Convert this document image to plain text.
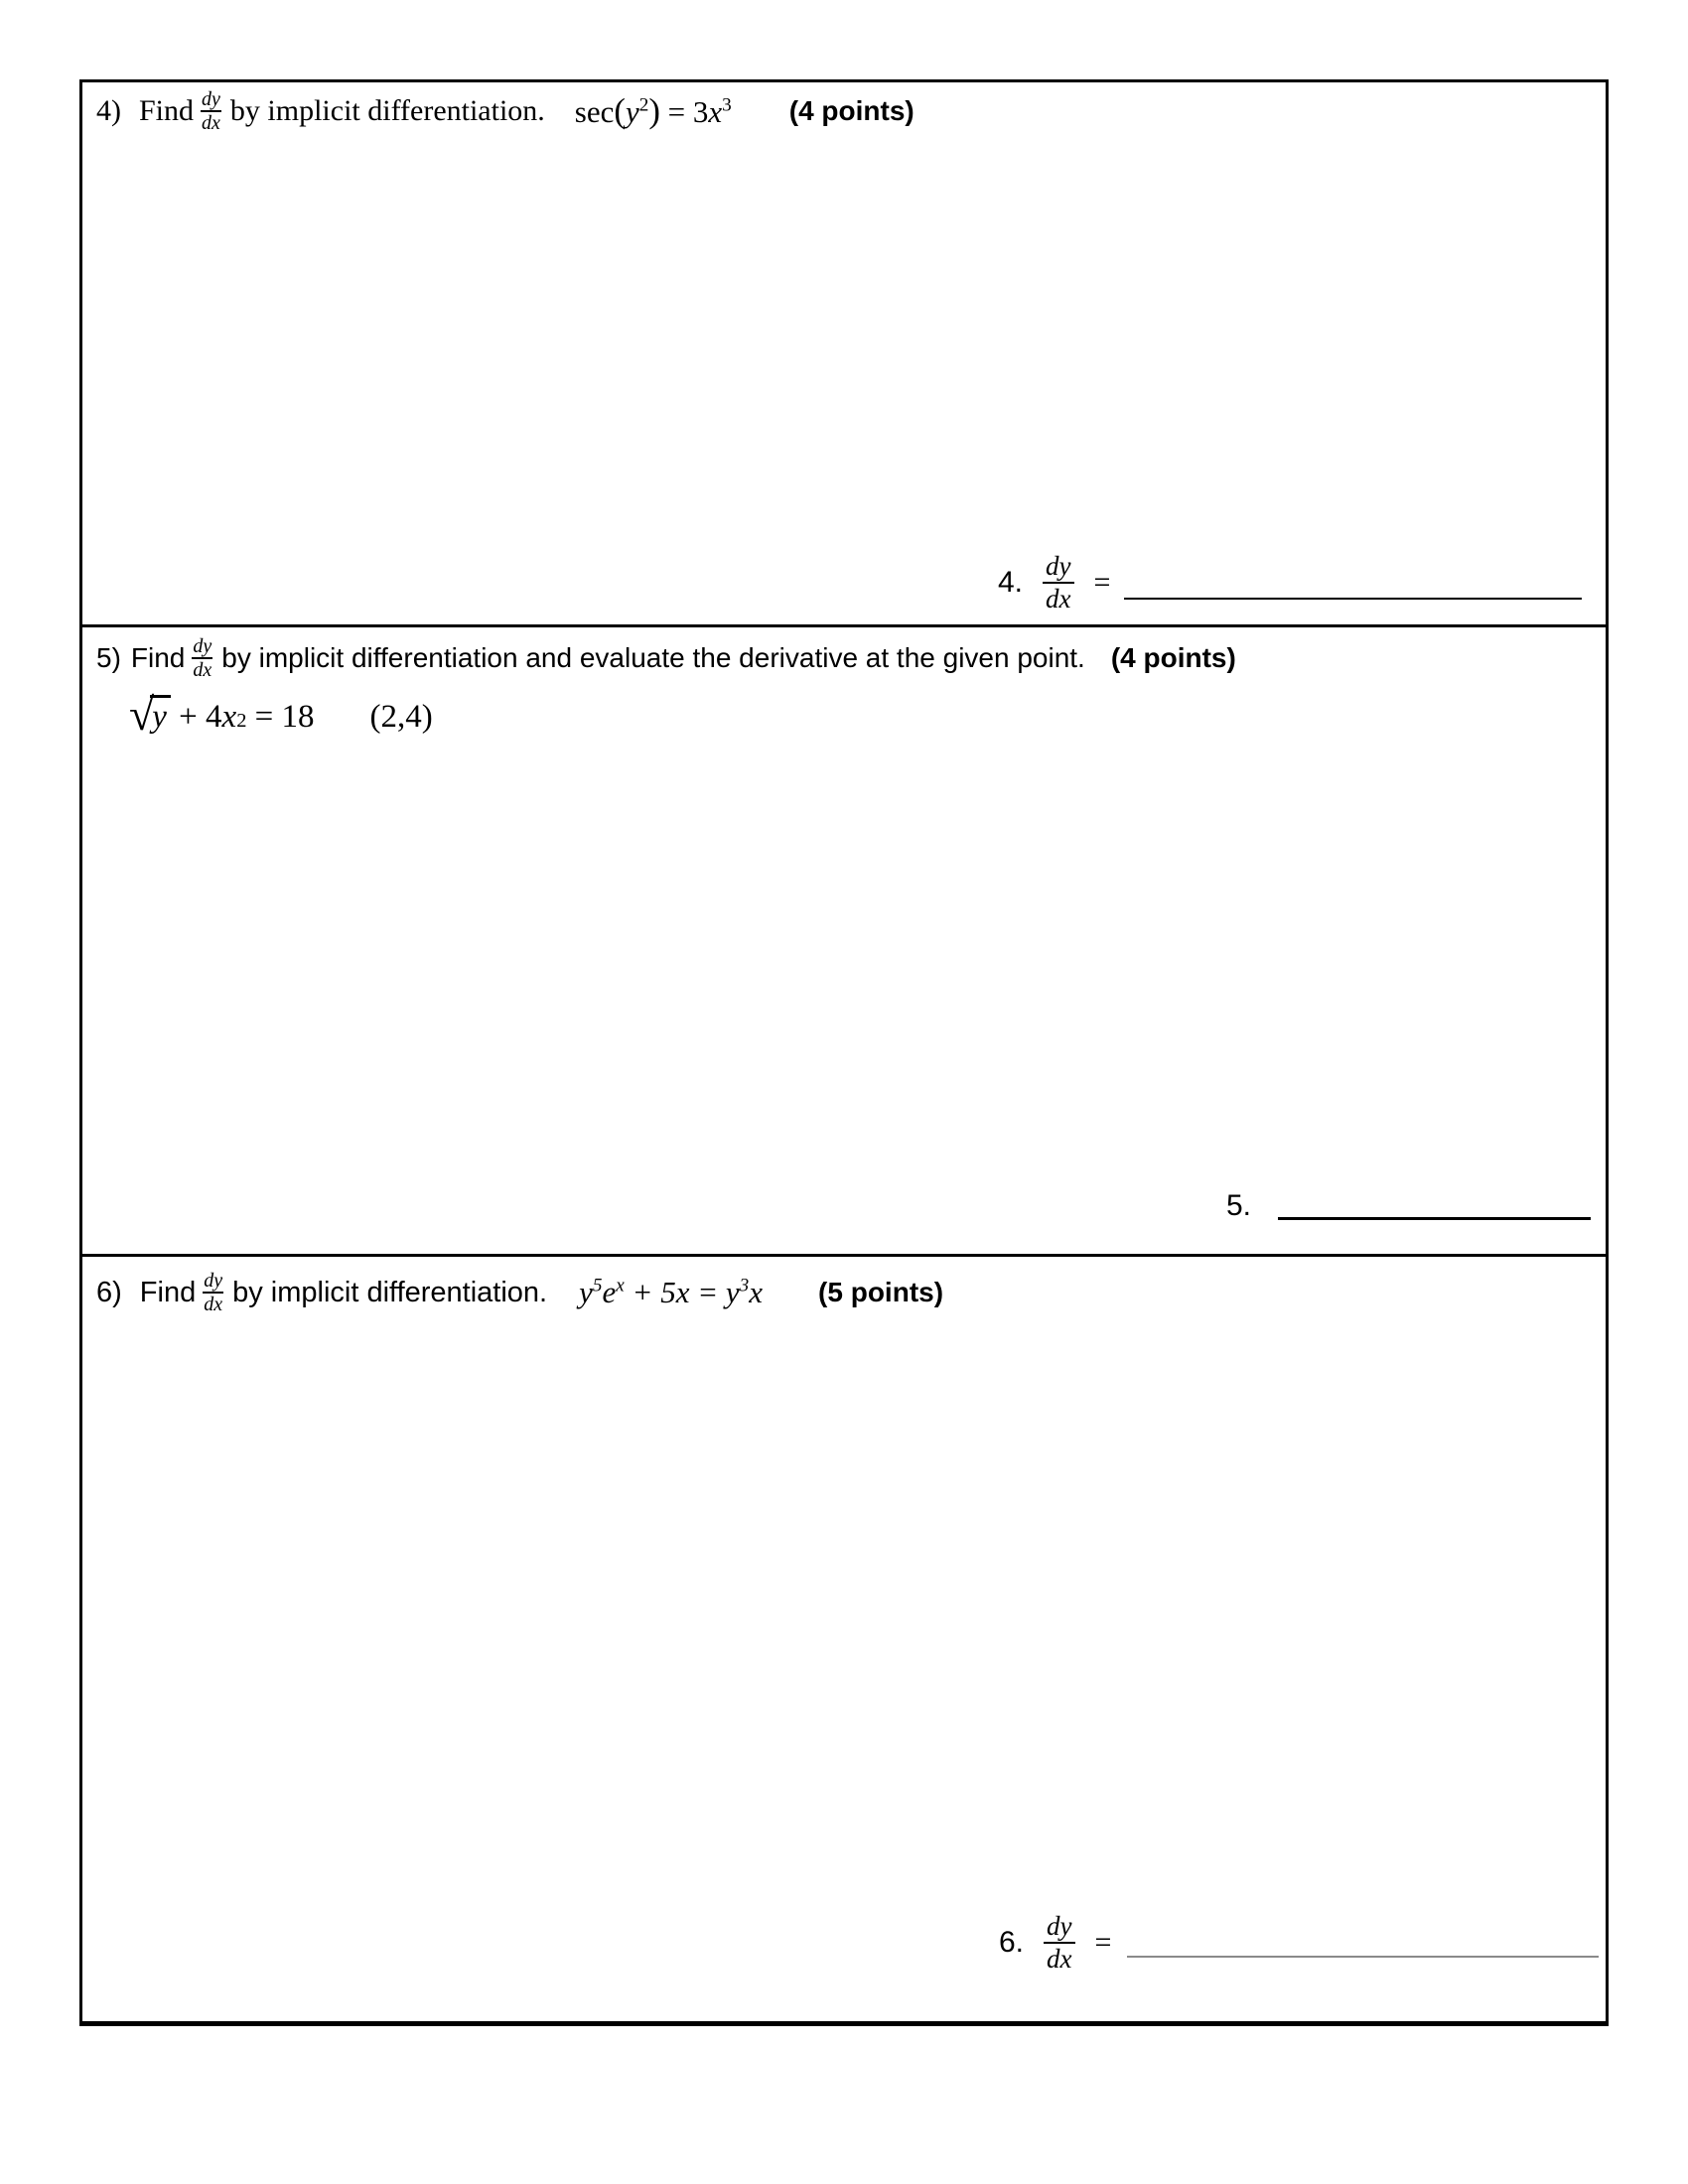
4) Find $\frac{dy}{dx}$ by implicit differentiation. $\sec(y^2) = 3x^3$ (4 points)
4. $\frac{dy}{dx}$ =
5) Find $\frac{dy}{dx}$ by implicit differentiation and evaluate the derivative at the given point. (4 points)
√
y + 4 x 2 = 18 (2,4)
5.
6) Find $\frac{dy}{dx}$ by implicit differentiation. $y^5e^x + 5x = y^3x$ (5 points)
6. $\frac{dy}{dx}$ =
